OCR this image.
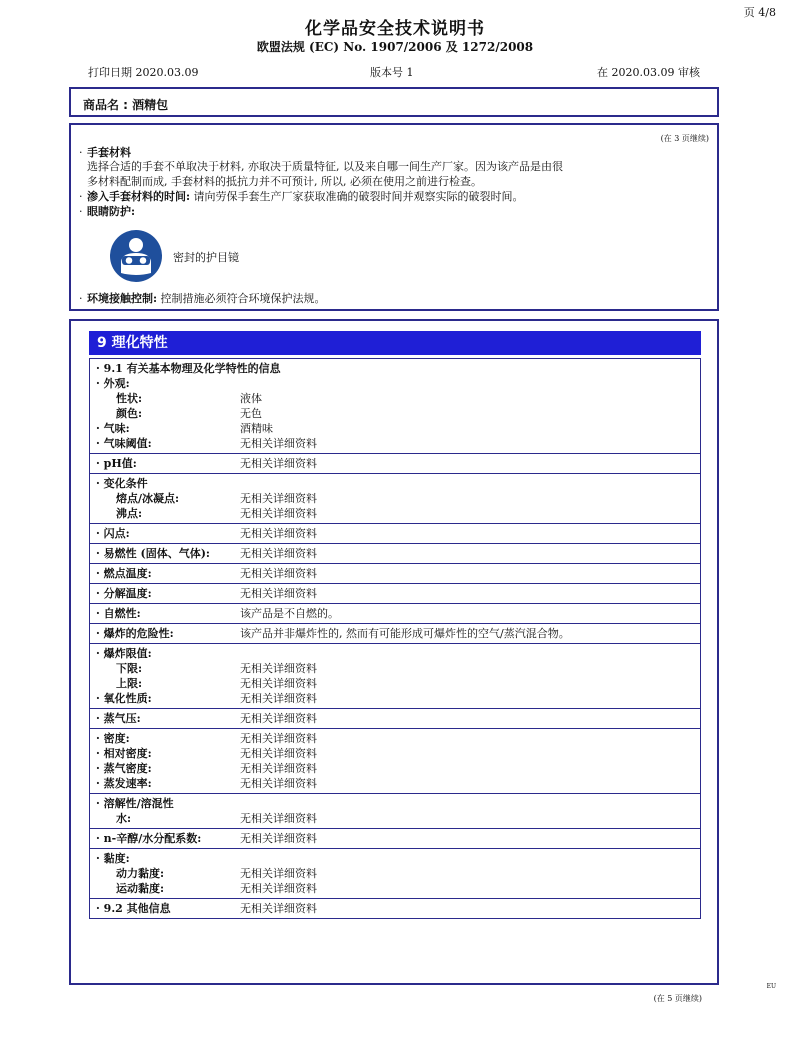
页 4/8
化学品安全技术说明书
欧盟法规 (EC) No. 1907/2006 及 1272/2008
打印日期 2020.03.09	版本号 1	在 2020.03.09 审核
商品名 : 酒精包
(在 3 页继续)
· 手套材料
选择合适的手套不单取决于材料, 亦取决于质量特征, 以及来自哪一间生产厂家。因为该产品是由很
多材料配制而成, 手套材料的抵抗力并不可预计, 所以, 必须在使用之前进行检查。
· 渗入手套材料的时间: 请向劳保手套生产厂家获取准确的破裂时间并观察实际的破裂时间。
· 眼睛防护:
密封的护目镜
· 环境接触控制: 控制措施必须符合环境保护法规。
9 理化特性
· 9.1 有关基本物理及化学特性的信息
· 外观:
性状:	液体
颜色:	无色
· 气味:	酒精味
· 气味阈值:	无相关详细资料
· pH值:	无相关详细资料
· 变化条件
熔点/冰凝点:	无相关详细资料
沸点:	无相关详细资料
· 闪点:	无相关详细资料
· 易燃性 (固体、气体):	无相关详细资料
· 燃点温度:	无相关详细资料
· 分解温度:	无相关详细资料
· 自燃性:	该产品是不自燃的。
· 爆炸的危险性:	该产品并非爆炸性的, 然而有可能形成可爆炸性的空气/蒸汽混合物。
· 爆炸限值:
下限:	无相关详细资料
上限:	无相关详细资料
· 氧化性质:	无相关详细资料
· 蒸气压:	无相关详细资料
· 密度:	无相关详细资料
· 相对密度:	无相关详细资料
· 蒸气密度:	无相关详细资料
· 蒸发速率:	无相关详细资料
· 溶解性/溶混性
水:	无相关详细资料
· n-辛醇/水分配系数:	无相关详细资料
· 黏度:
动力黏度:	无相关详细资料
运动黏度:	无相关详细资料
· 9.2 其他信息	无相关详细资料
EU
(在 5 页继续)
